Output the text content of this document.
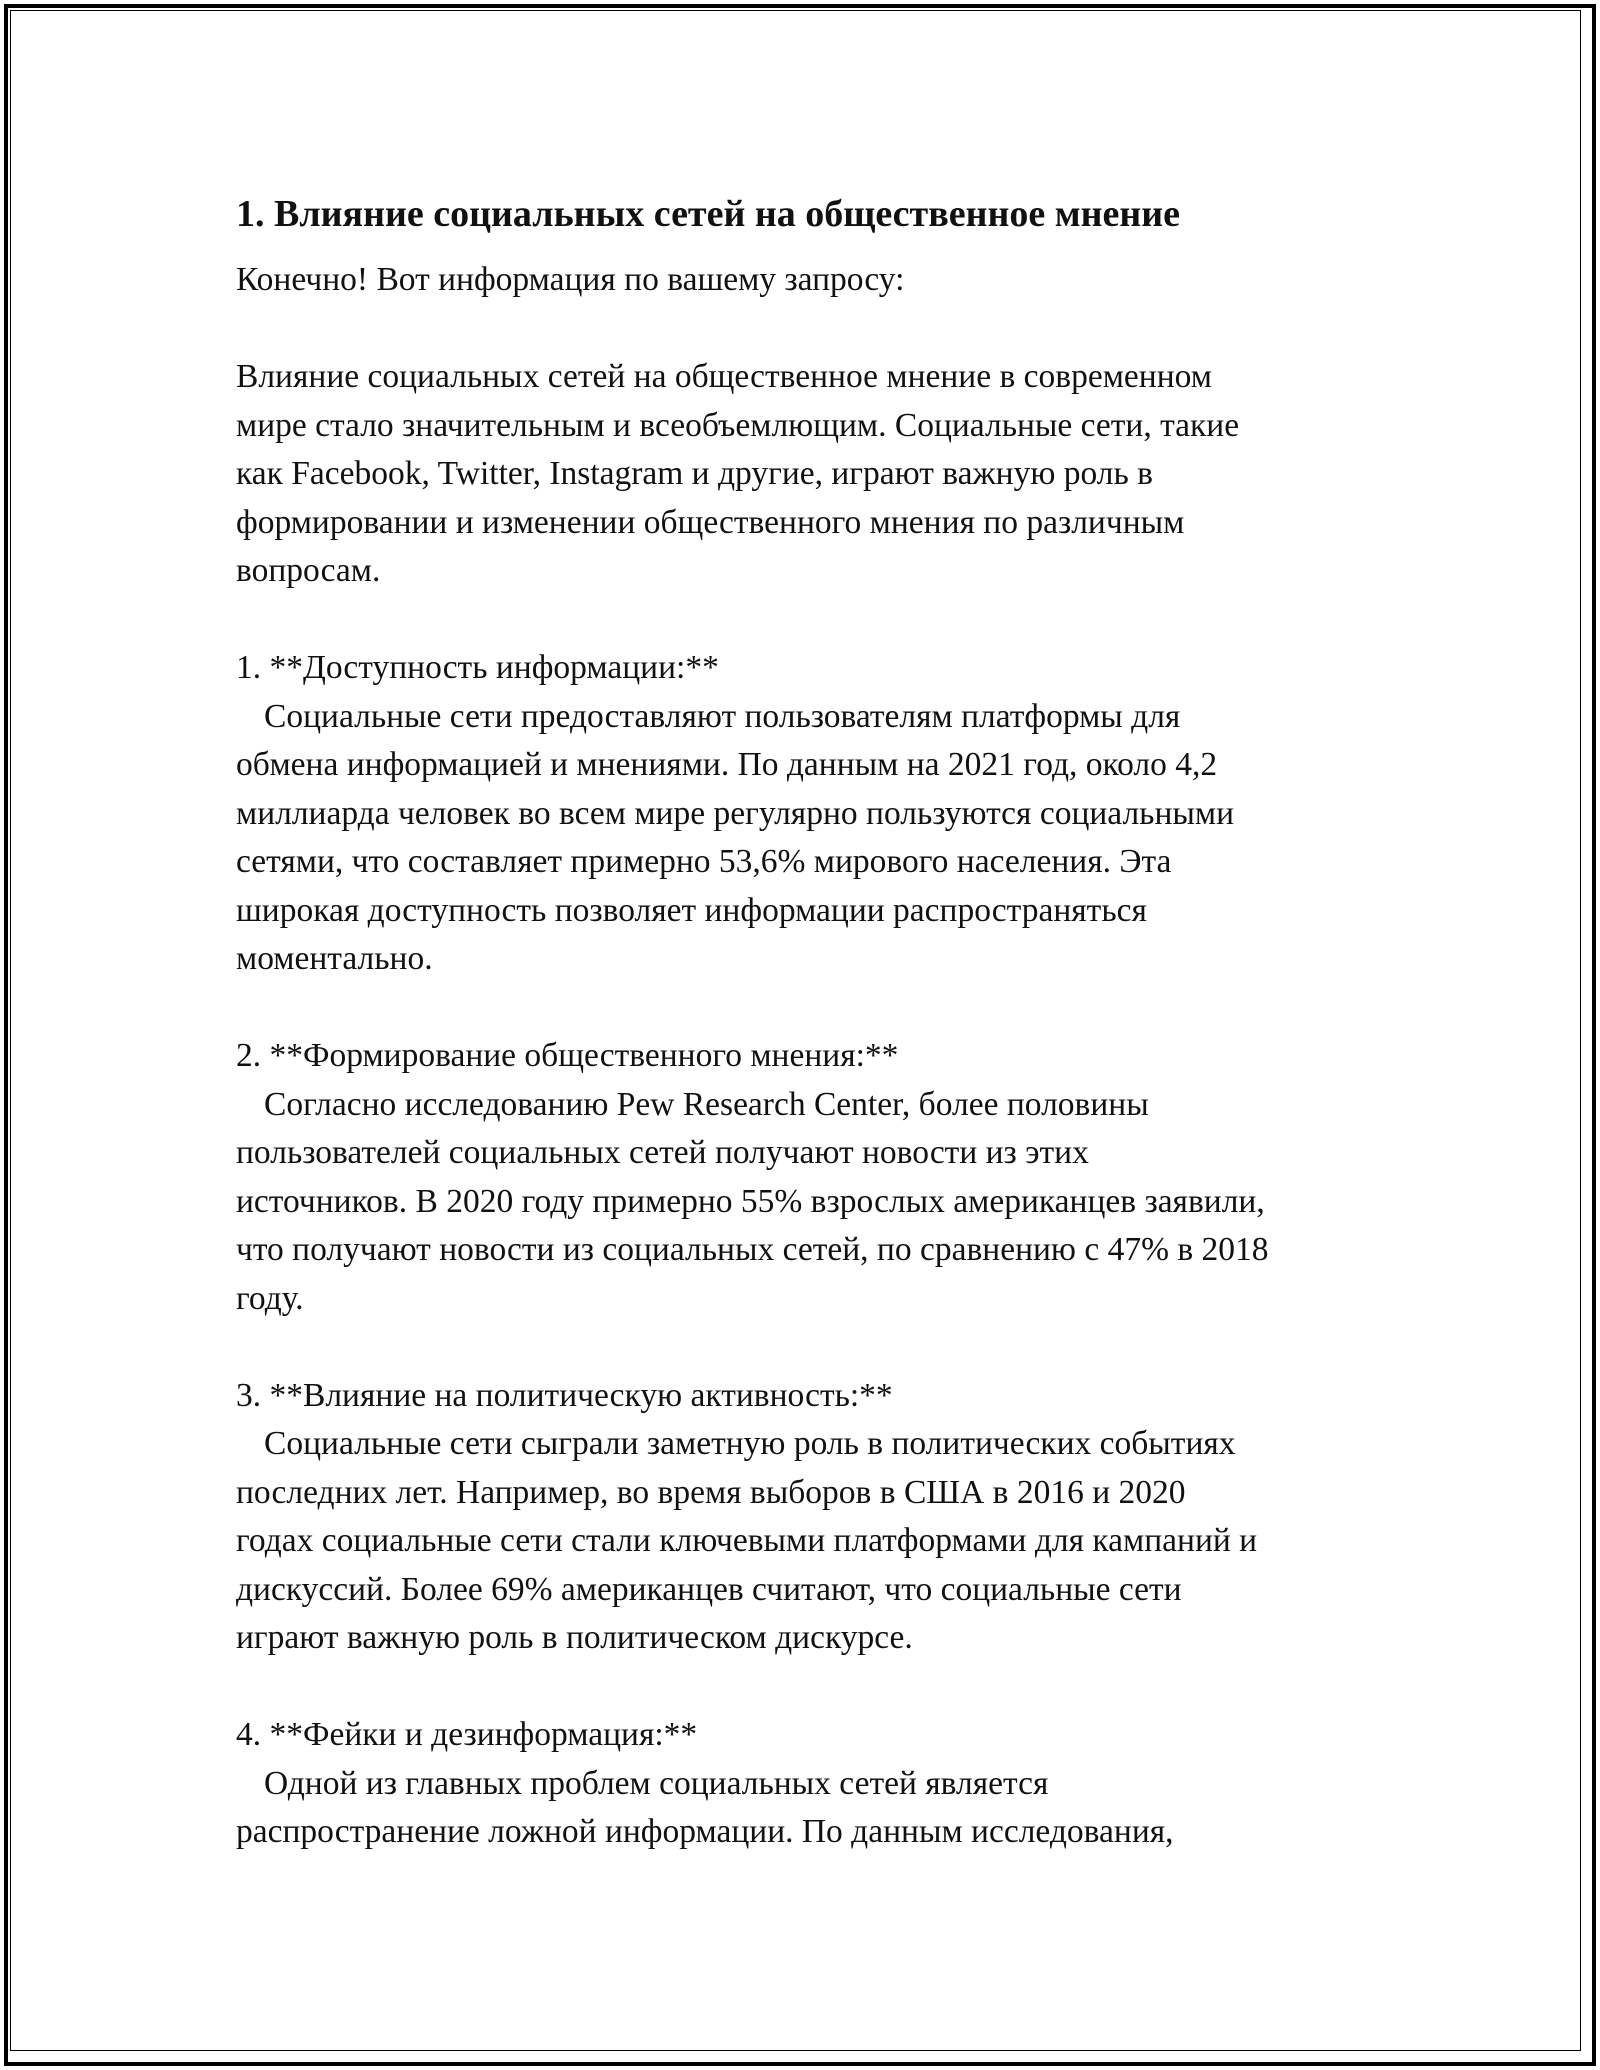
1. Влияние социальных сетей на общественное мнение

Конечно! Вот информация по вашему запросу:

Влияние социальных сетей на общественное мнение в современном
мире стало значительным и всеобъемлющим. Социальные сети, такие
как Facebook, Twitter, Instagram и другие, играют важную роль в
формировании и изменении общественного мнения по различным
вопросам.

1. **Доступность информации:**

Социальные сети предоставляют пользователям платформы для
обмена информацией и мнениями. По данным на 2021 год, около 4,2
миллиарда человек во всем мире регулярно пользуются социальными
сетями, что составляет примерно 53,6% мирового населения. Эта
широкая доступность позволяет информации распространяться
моментально.

2. **Формирование общественного мнения:**

Согласно исследованию Pew Research Center, более половины
пользователей социальных сетей получают новости из этих
источников. В 2020 году примерно 55% взрослых американцев заявили,
что получают новости из социальных сетей, по сравнению с 47% в 2018
году.

3. **Влияние на политическую активность:**

Социальные сети сыграли заметную роль в политических событиях
последних лет. Например, во время выборов в США в 2016 и 2020
годах социальные сети стали ключевыми платформами для кампаний и
дискуссий. Более 69% американцев считают, что социальные сети
играют важную роль в политическом дискурсе.

4. **Фейки и дезинформация:**

Одной из главных проблем социальных сетей является
распространение ложной информации. По данным исследования,
